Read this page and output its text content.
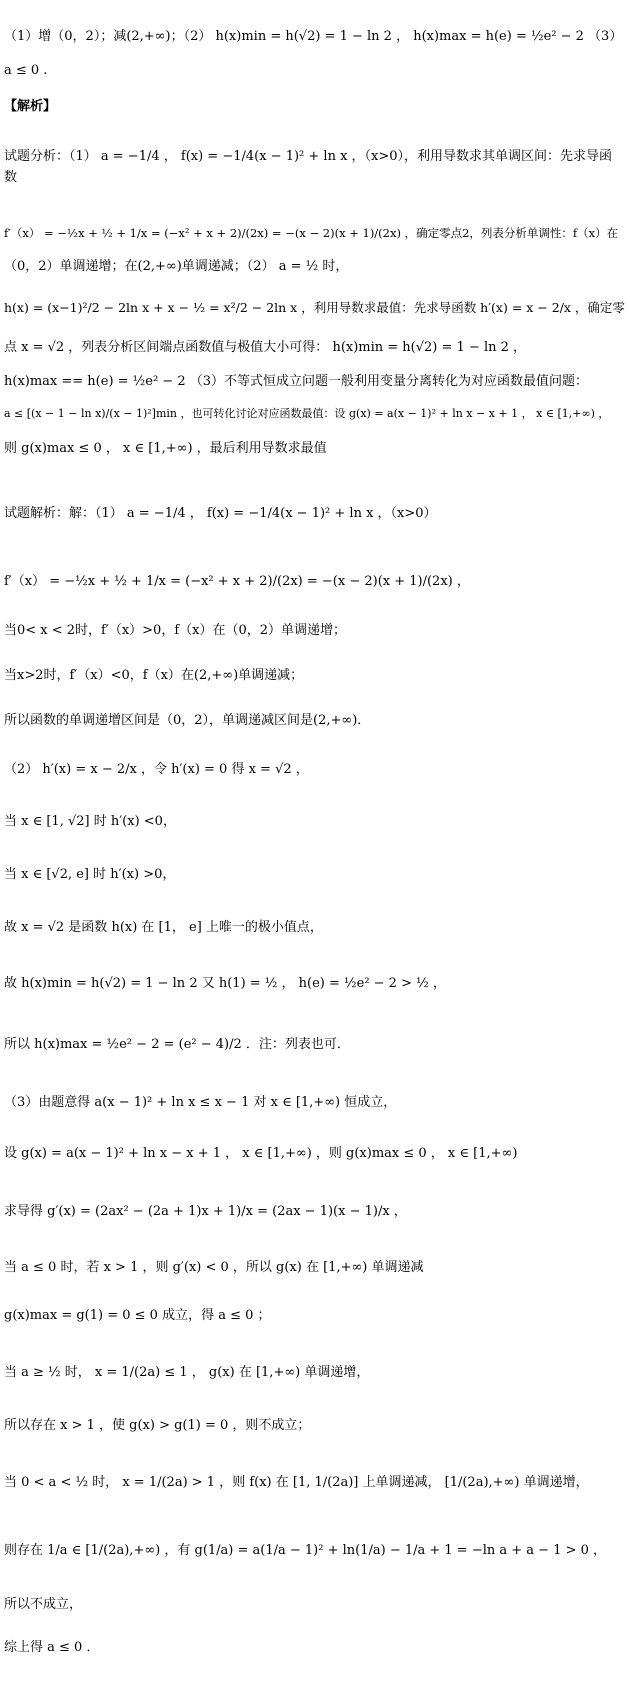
（1）增（0，2）；减(2,+∞)；（2） h(x)min = h(√2) = 1 − ln 2 ， h(x)max = h(e) = ½e² − 2 （3）
a ≤ 0 .
【解析】
试题分析：（1） a = −1/4 ， f(x) = −1/4(x − 1)² + ln x ，（x>0），利用导数求其单调区间：先求导函
数
f′（x） = −½x + ½ + 1/x = (−x² + x + 2)/(2x) = −(x − 2)(x + 1)/(2x) ，确定零点2，列表分析单调性：f（x）在
（0，2）单调递增；在(2,+∞)单调递减；（2） a = ½ 时，
h(x) = (x−1)²/2 − 2ln x + x − ½ = x²/2 − 2ln x ，利用导数求最值：先求导函数 h′(x) = x − 2/x ，确定零
点 x = √2 ，列表分析区间端点函数值与极值大小可得： h(x)min = h(√2) = 1 − ln 2 ，
h(x)max == h(e) = ½e² − 2 （3）不等式恒成立问题一般利用变量分离转化为对应函数最值问题：
a ≤ [(x − 1 − ln x)/(x − 1)²]min ，也可转化讨论对应函数最值：设 g(x) = a(x − 1)² + ln x − x + 1 ， x ∈ [1,+∞) ，
则 g(x)max ≤ 0 ， x ∈ [1,+∞) ，最后利用导数求最值
试题解析：解：（1） a = −1/4 ， f(x) = −1/4(x − 1)² + ln x ，（x>0）
f′（x） = −½x + ½ + 1/x = (−x² + x + 2)/(2x) = −(x − 2)(x + 1)/(2x) ，
当0< x < 2时，f′（x）>0，f（x）在（0，2）单调递增；
当x>2时，f′（x）<0，f（x）在(2,+∞)单调递减；
所以函数的单调递增区间是（0，2），单调递减区间是(2,+∞)．
（2） h′(x) = x − 2/x ，令 h′(x) = 0 得 x = √2 ，
当 x ∈ [1, √2] 时 h′(x) <0，
当 x ∈ [√2, e] 时 h′(x) >0，
故 x = √2 是函数 h(x) 在 [1， e] 上唯一的极小值点，
故 h(x)min = h(√2) = 1 − ln 2 又 h(1) = ½ ， h(e) = ½e² − 2 > ½ ，
所以 h(x)max = ½e² − 2 = (e² − 4)/2 ．注：列表也可．
（3）由题意得 a(x − 1)² + ln x ≤ x − 1 对 x ∈ [1,+∞) 恒成立，
设 g(x) = a(x − 1)² + ln x − x + 1 ， x ∈ [1,+∞) ，则 g(x)max ≤ 0 ， x ∈ [1,+∞)
求导得 g′(x) = (2ax² − (2a + 1)x + 1)/x = (2ax − 1)(x − 1)/x ，
当 a ≤ 0 时，若 x > 1 ，则 g′(x) < 0 ，所以 g(x) 在 [1,+∞) 单调递减
g(x)max = g(1) = 0 ≤ 0 成立，得 a ≤ 0 ；
当 a ≥ ½ 时， x = 1/(2a) ≤ 1 ， g(x) 在 [1,+∞) 单调递增，
所以存在 x > 1 ，使 g(x) > g(1) = 0 ，则不成立；
当 0 < a < ½ 时， x = 1/(2a) > 1 ，则 f(x) 在 [1, 1/(2a)] 上单调递减， [1/(2a),+∞) 单调递增，
则存在 1/a ∈ [1/(2a),+∞) ，有 g(1/a) = a(1/a − 1)² + ln(1/a) − 1/a + 1 = −ln a + a − 1 > 0 ，
所以不成立，
综上得 a ≤ 0 ．
